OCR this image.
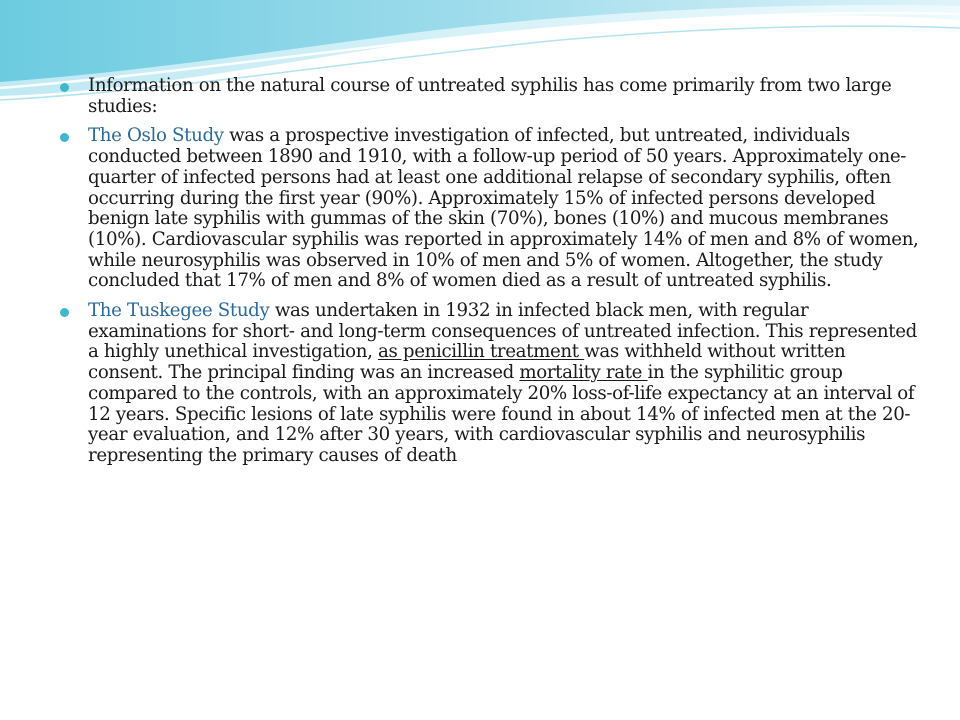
Information on the natural course of untreated syphilis has come primarily from two large studies:
The Oslo Study was a prospective investigation of infected, but untreated, individuals conducted between 1890 and 1910, with a follow-up period of 50 years. Approximately one-quarter of infected persons had at least one additional relapse of secondary syphilis, often occurring during the first year (90%). Approximately 15% of infected persons developed benign late syphilis with gummas of the skin (70%), bones (10%) and mucous membranes (10%). Cardiovascular syphilis was reported in approximately 14% of men and 8% of women, while neurosyphilis was observed in 10% of men and 5% of women. Altogether, the study concluded that 17% of men and 8% of women died as a result of untreated syphilis.
The Tuskegee Study was undertaken in 1932 in infected black men, with regular examinations for short- and long-term consequences of untreated infection. This represented a highly unethical investigation, as penicillin treatment was withheld without written consent. The principal finding was an increased mortality rate in the syphilitic group compared to the controls, with an approximately 20% loss-of-life expectancy at an interval of 12 years. Specific lesions of late syphilis were found in about 14% of infected men at the 20-year evaluation, and 12% after 30 years, with cardiovascular syphilis and neurosyphilis representing the primary causes of death
